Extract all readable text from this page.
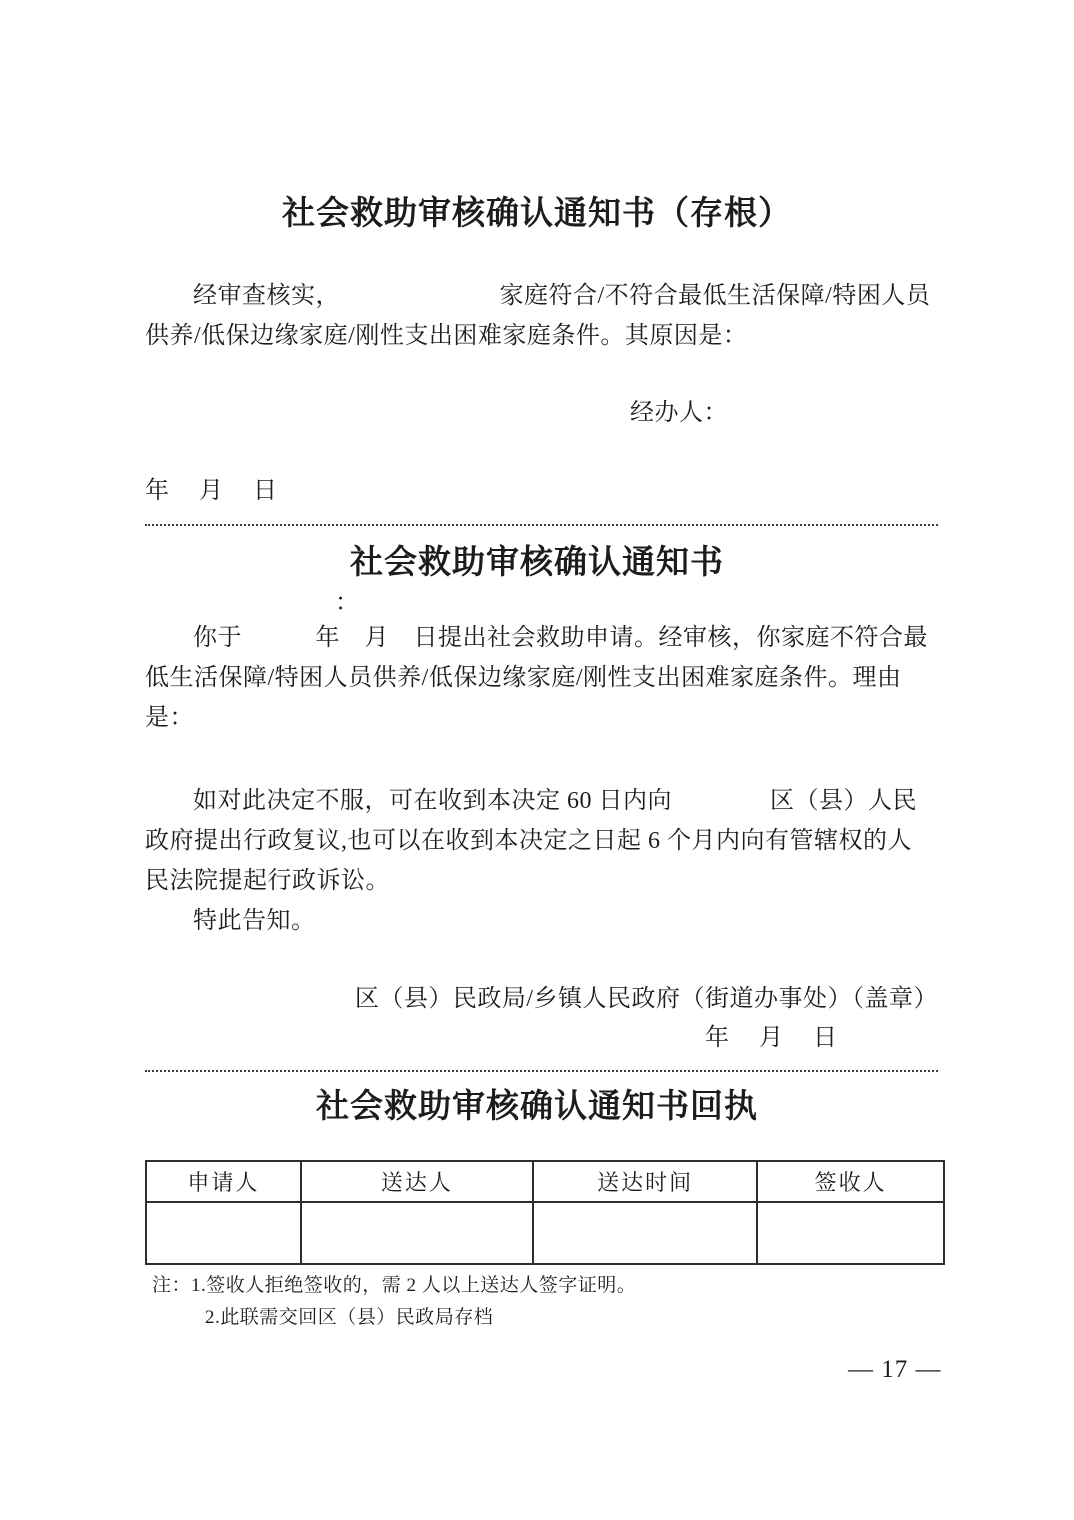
社会救助审核确认通知书（存根）
经审查核实，　　　　　　　家庭符合/不符合最低生活保障/特困人员
供养/低保边缘家庭/刚性支出困难家庭条件。其原因是：
经办人：
年　月　日
社会救助审核确认通知书
：
你于　　　年　月　日提出社会救助申请。经审核，你家庭不符合最
低生活保障/特困人员供养/低保边缘家庭/刚性支出困难家庭条件。理由
是：
如对此决定不服，可在收到本决定 60 日内向　　　　区（县）人民
政府提出行政复议,也可以在收到本决定之日起 6 个月内向有管辖权的人
民法院提起行政诉讼。
特此告知。
区（县）民政局/乡镇人民政府（街道办事处）（盖章）
年　月　日
社会救助审核确认通知书回执
申请人	送达人	送达时间	签收人

注：1.签收人拒绝签收的，需 2 人以上送达人签字证明。
2.此联需交回区（县）民政局存档
— 17 —
